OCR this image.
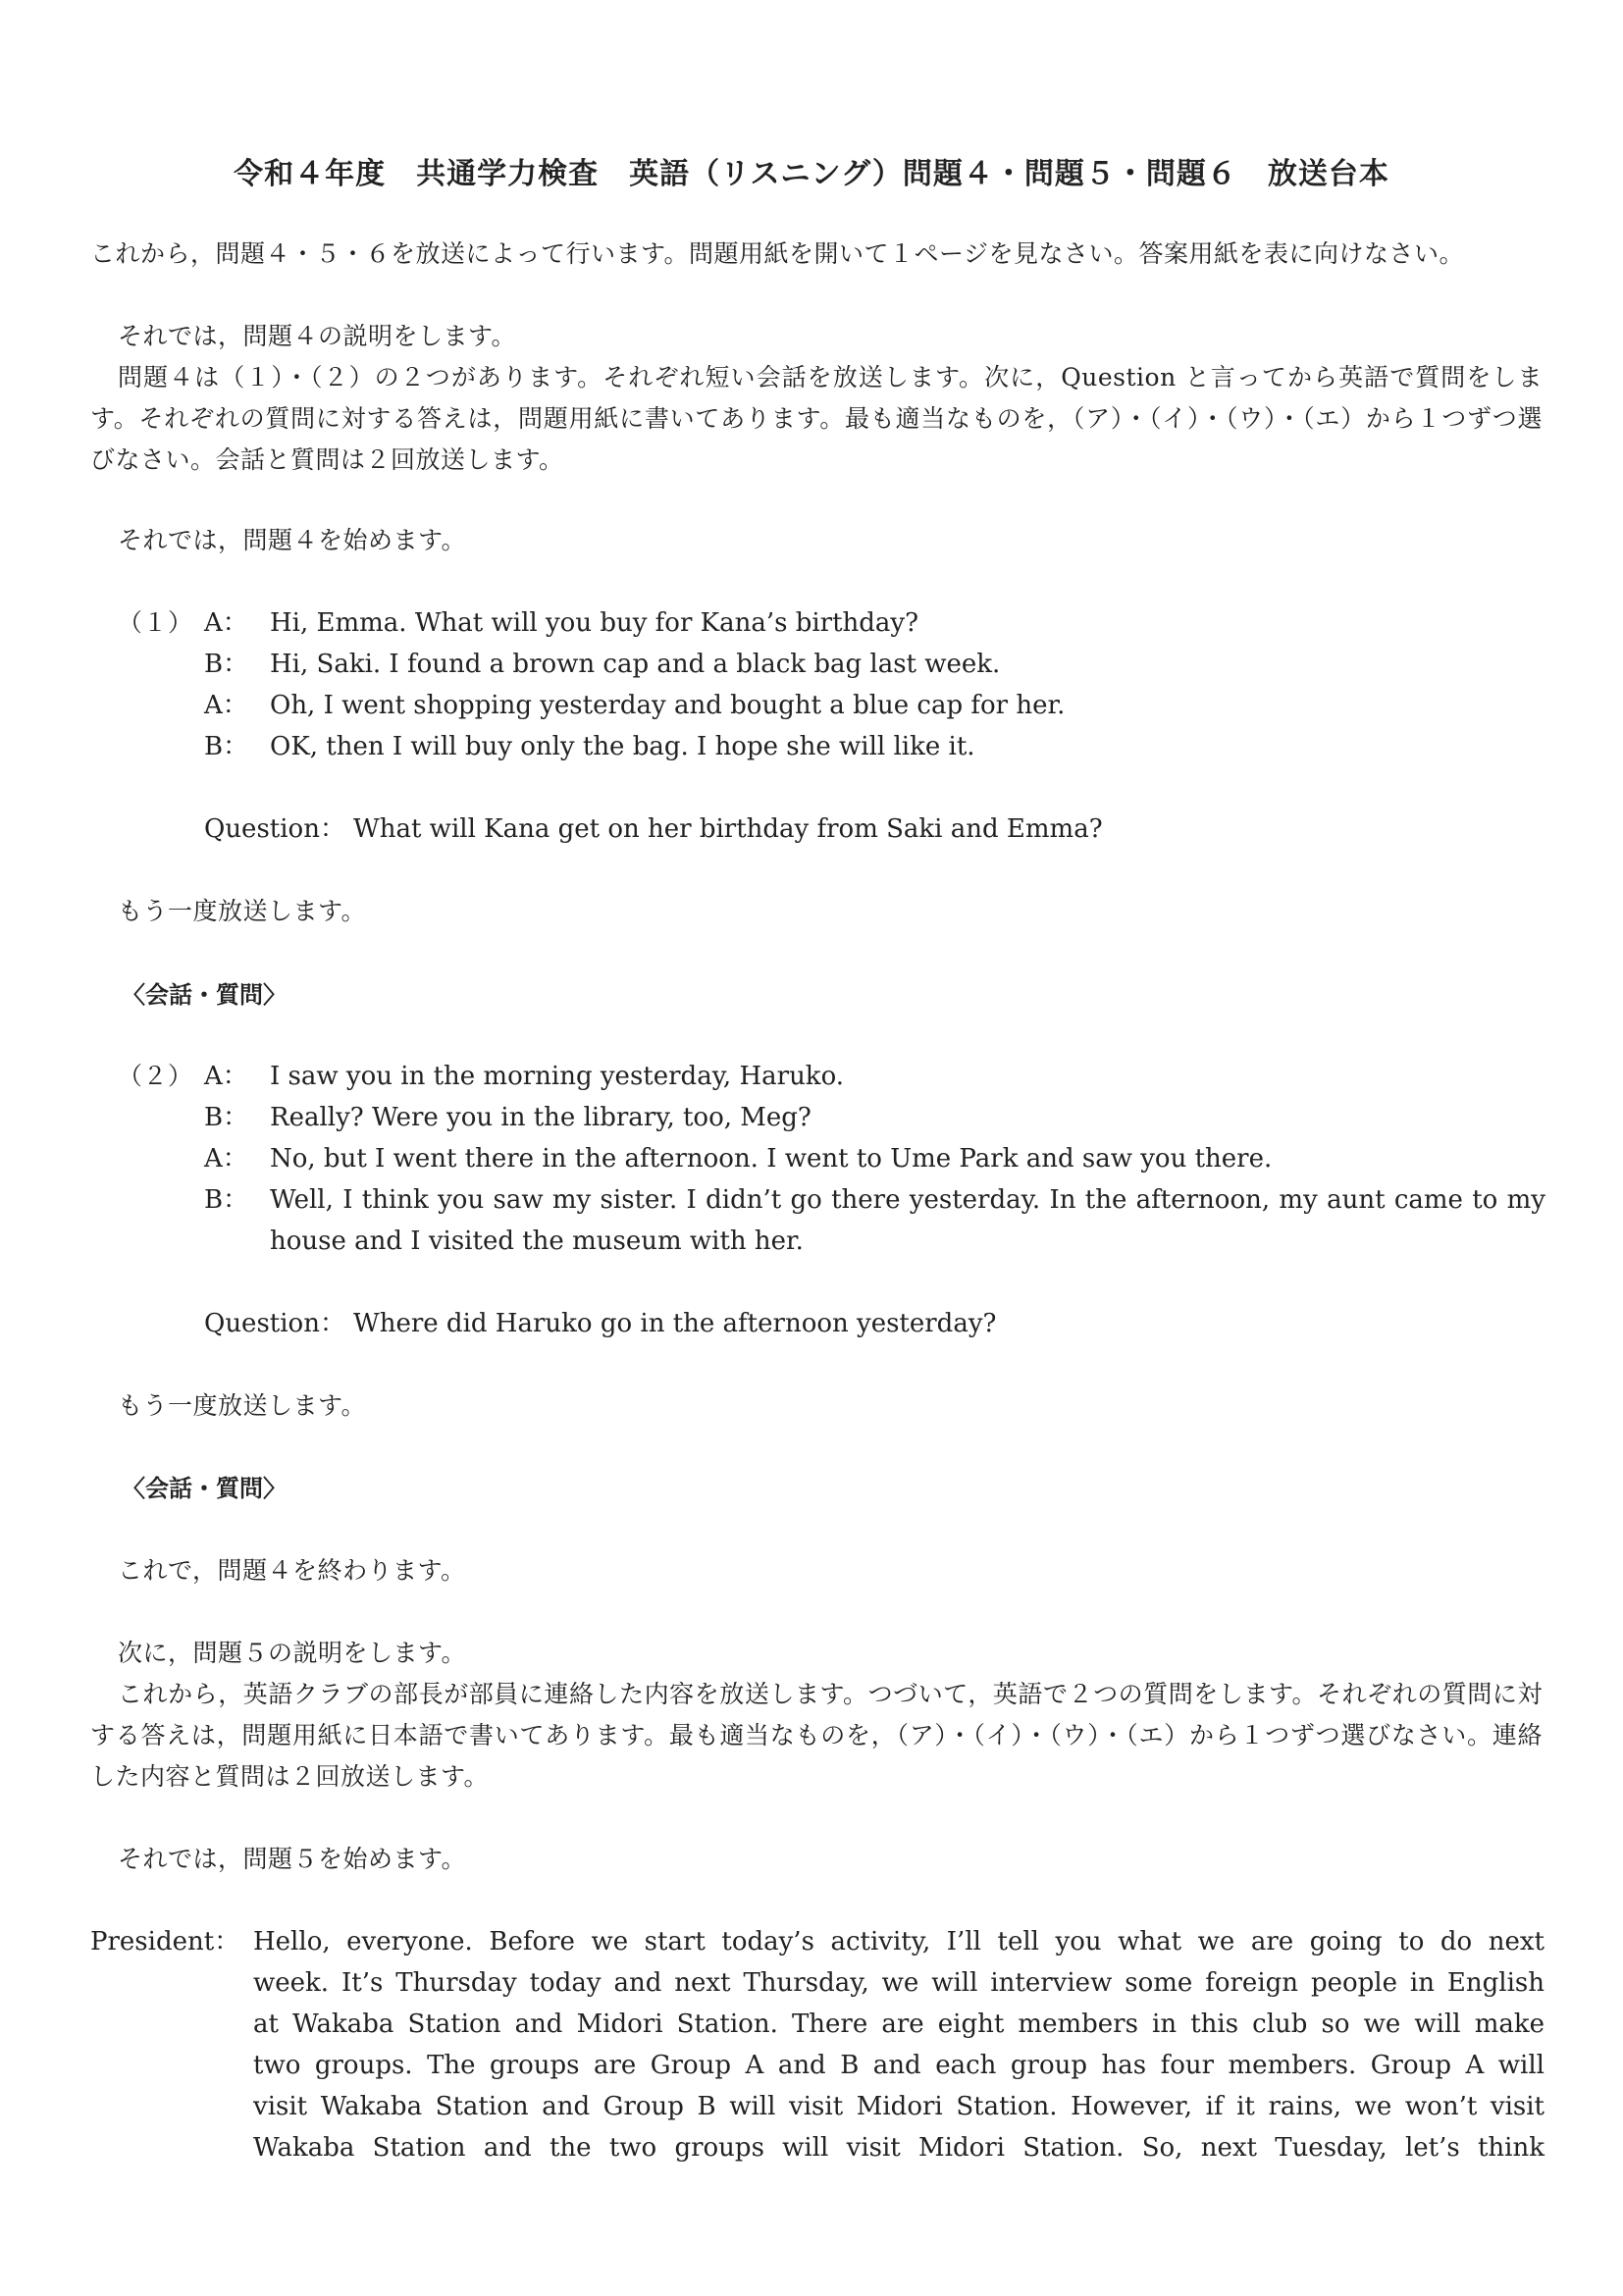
令和４年度　共通学力検査　英語（リスニング）問題４・問題５・問題６　放送台本

これから，問題４・５・６を放送によって行います。問題用紙を開いて１ページを見なさい。答案用紙を表に向けなさい。

それでは，問題４の説明をします。

問題４は（１）・（２）の２つがあります。それぞれ短い会話を放送します。次に，Question と言ってから英語で質問をします。それぞれの質問に対する答えは，問題用紙に書いてあります。最も適当なものを，（ア）・（イ）・（ウ）・（エ）から１つずつ選びなさい。会話と質問は２回放送します。

それでは，問題４を始めます。

（１） A： Hi, Emma. What will you buy for Kana’s birthday?
B： Hi, Saki. I found a brown cap and a black bag last week.
A： Oh, I went shopping yesterday and bought a blue cap for her.
B： OK, then I will buy only the bag. I hope she will like it.
Question： What will Kana get on her birthday from Saki and Emma?

もう一度放送します。

〈会話・質問〉

（２） A： I saw you in the morning yesterday, Haruko.
B： Really? Were you in the library, too, Meg?
A： No, but I went there in the afternoon. I went to Ume Park and saw you there.
B： Well, I think you saw my sister. I didn’t go there yesterday. In the afternoon, my aunt came to my house and I visited the museum with her.
Question： Where did Haruko go in the afternoon yesterday?

もう一度放送します。

〈会話・質問〉

これで，問題４を終わります。

次に，問題５の説明をします。

これから，英語クラブの部長が部員に連絡した内容を放送します。つづいて，英語で２つの質問をします。それぞれの質問に対する答えは，問題用紙に日本語で書いてあります。最も適当なものを，（ア）・（イ）・（ウ）・（エ）から１つずつ選びなさい。連絡した内容と質問は２回放送します。

それでは，問題５を始めます。

President： Hello, everyone. Before we start today’s activity, I’ll tell you what we are going to do next
week. It’s Thursday today and next Thursday, we will interview some foreign people in English
at Wakaba Station and Midori Station. There are eight members in this club so we will make
two groups. The groups are Group A and B and each group has four members. Group A will
visit Wakaba Station and Group B will visit Midori Station. However, if it rains, we won’t visit
Wakaba Station and the two groups will visit Midori Station. So, next Tuesday, let’s think
